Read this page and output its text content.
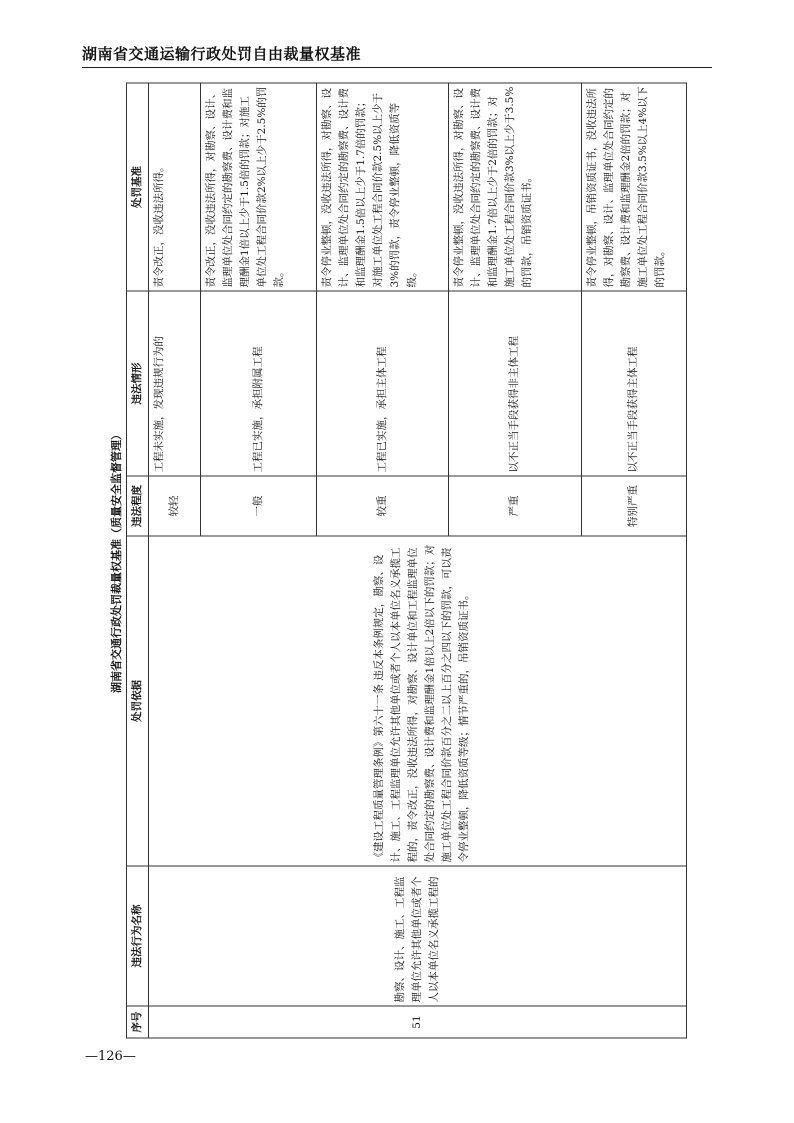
湖南省交通运输行政处罚自由裁量权基准
湖南省交通行政处罚裁量权基准（质量安全监督管理）
序号	违法行为名称	处罚依据	违法程度	违法情形	处罚基准
51	勘察、设计、施工、工程监理单位允许其他单位或者个人以本单位名义承揽工程的	《建设工程质量管理条例》第六十一条 违反本条例规定，勘察、设计、施工、工程监理单位允许其他单位或者个人以本单位名义承揽工程的，责令改正，没收违法所得，对勘察、设计单位和工程监理单位处合同约定的勘察费、设计费和监理酬金1倍以上2倍以下的罚款；对施工单位处工程合同价款百分之二以上百分之四以下的罚款，可以责令停业整顿，降低资质等级；情节严重的，吊销资质证书。	较轻	工程未实施，发现违规行为的	责令改正，没收违法所得。
			一般	工程已实施，承担附属工程	责令改正，没收违法所得，对勘察、设计、监理单位处合同约定的勘察费、设计费和监理酬金1倍以上少于1.5倍的罚款；对施工单位处工程合同价款2%以上少于2.5%的罚款。
			较重	工程已实施，承担主体工程	责令停业整顿，没收违法所得，对勘察、设计、监理单位处合同约定的勘察费、设计费和监理酬金1.5倍以上少于1.7倍的罚款；对施工单位处工程合同价款2.5%以上少于3%的罚款，责令停业整顿，降低资质等级。
			严重	以不正当手段获得非主体工程	责令停业整顿，没收违法所得，对勘察、设计、监理单位处合同约定的勘察费、设计费和监理酬金1.7倍以上少于2倍的罚款；对施工单位处工程合同价款3%以上少于3.5%的罚款，吊销资质证书。
			特别严重	以不正当手段获得主体工程	责令停业整顿，吊销资质证书，没收违法所得，对勘察、设计、监理单位处合同约定的勘察费、设计费和监理酬金2倍的罚款；对施工单位处工程合同价款3.5%以上4%以下的罚款。
—126—
